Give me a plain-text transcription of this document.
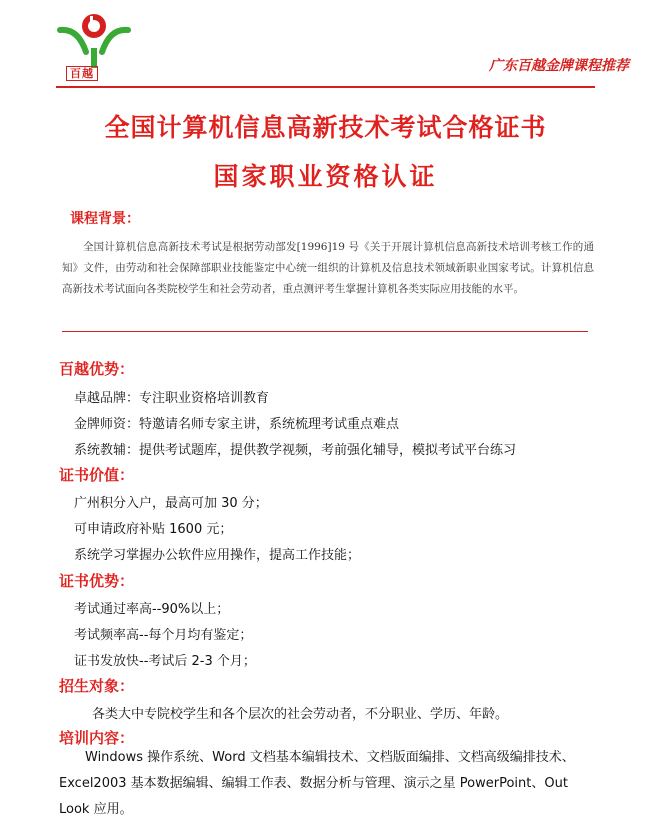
百越	广东百越金牌课程推荐
全国计算机信息高新技术考试合格证书
国家职业资格认证
课程背景：

全国计算机信息高新技术考试是根据劳动部发[1996]19 号《关于开展计算机信息高新技术培训考核工作的通知》文件，由劳动和社会保障部职业技能鉴定中心统一组织的计算机及信息技术领域新职业国家考试。计算机信息高新技术考试面向各类院校学生和社会劳动者，重点测评考生掌握计算机各类实际应用技能的水平。

百越优势：
卓越品牌：专注职业资格培训教育
金牌师资：特邀请名师专家主讲，系统梳理考试重点难点
系统教辅：提供考试题库，提供教学视频，考前强化辅导，模拟考试平台练习
证书价值：
广州积分入户，最高可加 30 分；
可申请政府补贴 1600 元；
系统学习掌握办公软件应用操作，提高工作技能；
证书优势：
考试通过率高--90%以上；
考试频率高--每个月均有鉴定；
证书发放快--考试后 2-3 个月；
招生对象：
各类大中专院校学生和各个层次的社会劳动者，不分职业、学历、年龄。
培训内容：

Windows 操作系统、Word 文档基本编辑技术、文档版面编排、文档高级编排技术、Excel2003 基本数据编辑、编辑工作表、数据分析与管理、演示之星 PowerPoint、Out Look 应用。
